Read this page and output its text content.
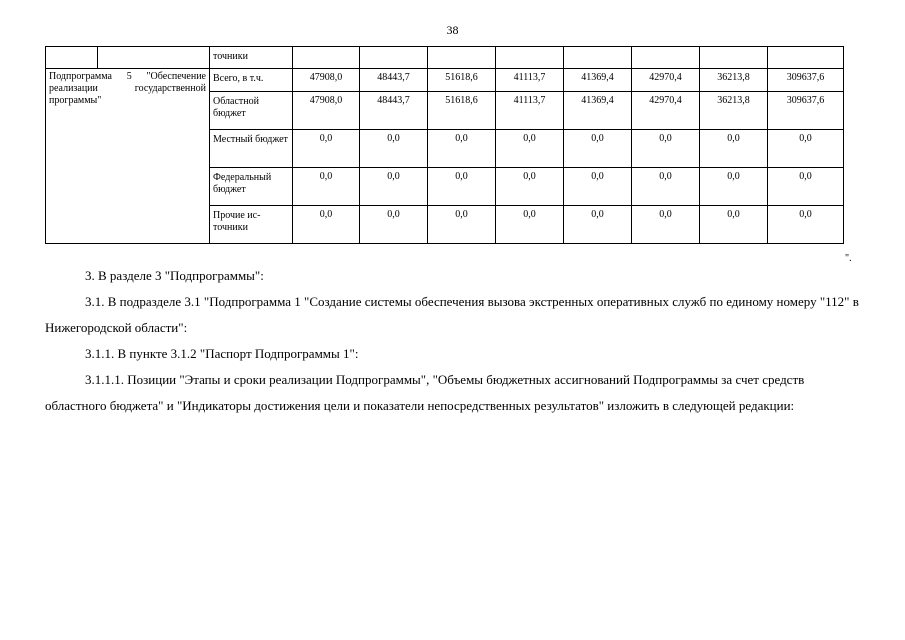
38
		точники								
Подпрограмма 5 "Обеспечение реализации государственной программы"		Всего, в т.ч.	47908,0	48443,7	51618,6	41113,7	41369,4	42970,4	36213,8	309637,6
		Областной бюджет	47908,0	48443,7	51618,6	41113,7	41369,4	42970,4	36213,8	309637,6
		Местный бюджет	0,0	0,0	0,0	0,0	0,0	0,0	0,0	0,0
		Федеральный бюджет	0,0	0,0	0,0	0,0	0,0	0,0	0,0	0,0
		Прочие ис-точники	0,0	0,0	0,0	0,0	0,0	0,0	0,0	0,0
".
3. В разделе 3 "Подпрограммы":
3.1. В подразделе 3.1 "Подпрограмма 1 "Создание системы обеспечения вызова экстренных оперативных служб по единому номеру "112" в Нижегородской области":
3.1.1. В пункте 3.1.2 "Паспорт Подпрограммы 1":
3.1.1.1. Позиции "Этапы и сроки реализации Подпрограммы", "Объемы бюджетных ассигнований Подпрограммы за счет средств областного бюджета" и "Индикаторы достижения цели и показатели непосредственных результатов" изложить в следующей редакции:
